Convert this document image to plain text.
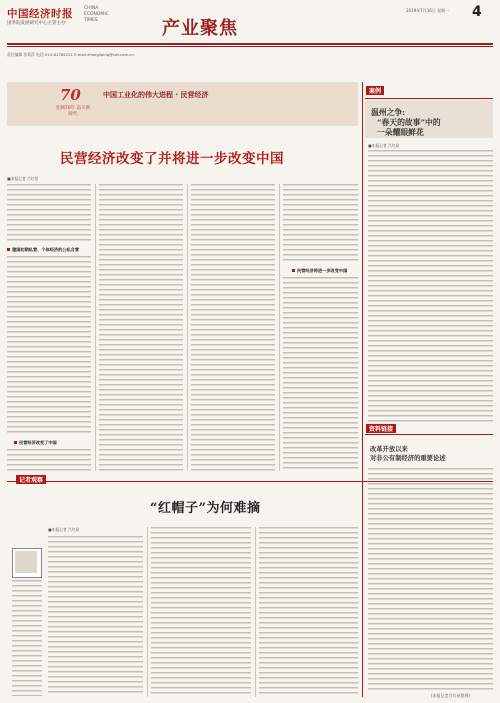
中国经济时报 CHINA
ECONOMIC
TIMES
国务院发展研究中心主管主办	产业聚焦
2019年7月16日 星期一 4
责任编辑 张莉萍 电话:010-81785221 E-mail:zhangliping@cet.com.cn
70
壮阔70年 奋斗新时代
中国工业化的伟大进程 · 民营经济
民营经济改变了并将进一步改变中国
■本报记者 吕红星
建国初期私营、个体经济的公私合营
民营经济改变了中国
民营经济将进一步改变中国
记者观察
“红帽子”为何难摘
■本报记者 吕红星
案例
温州之争:
“春天的故事”中的
一朵耀眼鲜花
■本报记者 吕红星
资料链接
改革开放以来
对非公有制经济的重要论述
(本报记者吕红星整理)
